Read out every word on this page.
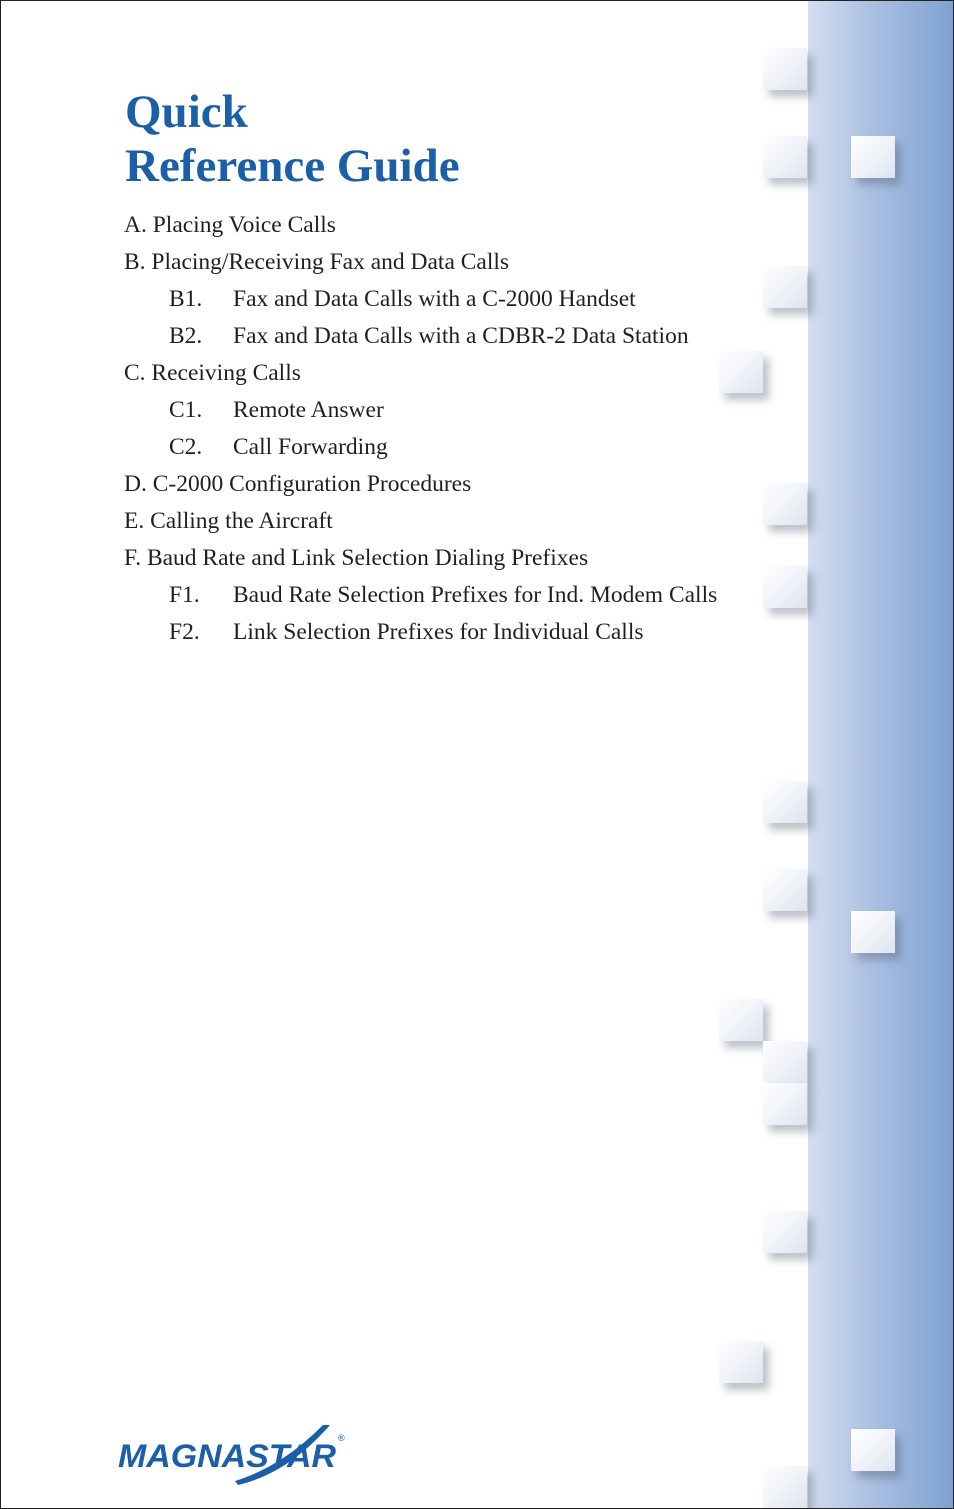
Quick
Reference Guide
A. Placing Voice Calls
B. Placing/Receiving Fax and Data Calls
B1. Fax and Data Calls with a C-2000 Handset
B2. Fax and Data Calls with a CDBR-2 Data Station
C. Receiving Calls
C1. Remote Answer
C2. Call Forwarding
D. C-2000 Configuration Procedures
E. Calling the Aircraft
F. Baud Rate and Link Selection Dialing Prefixes
F1. Baud Rate Selection Prefixes for Ind. Modem Calls
F2. Link Selection Prefixes for Individual Calls
MAGNASTAR ®
